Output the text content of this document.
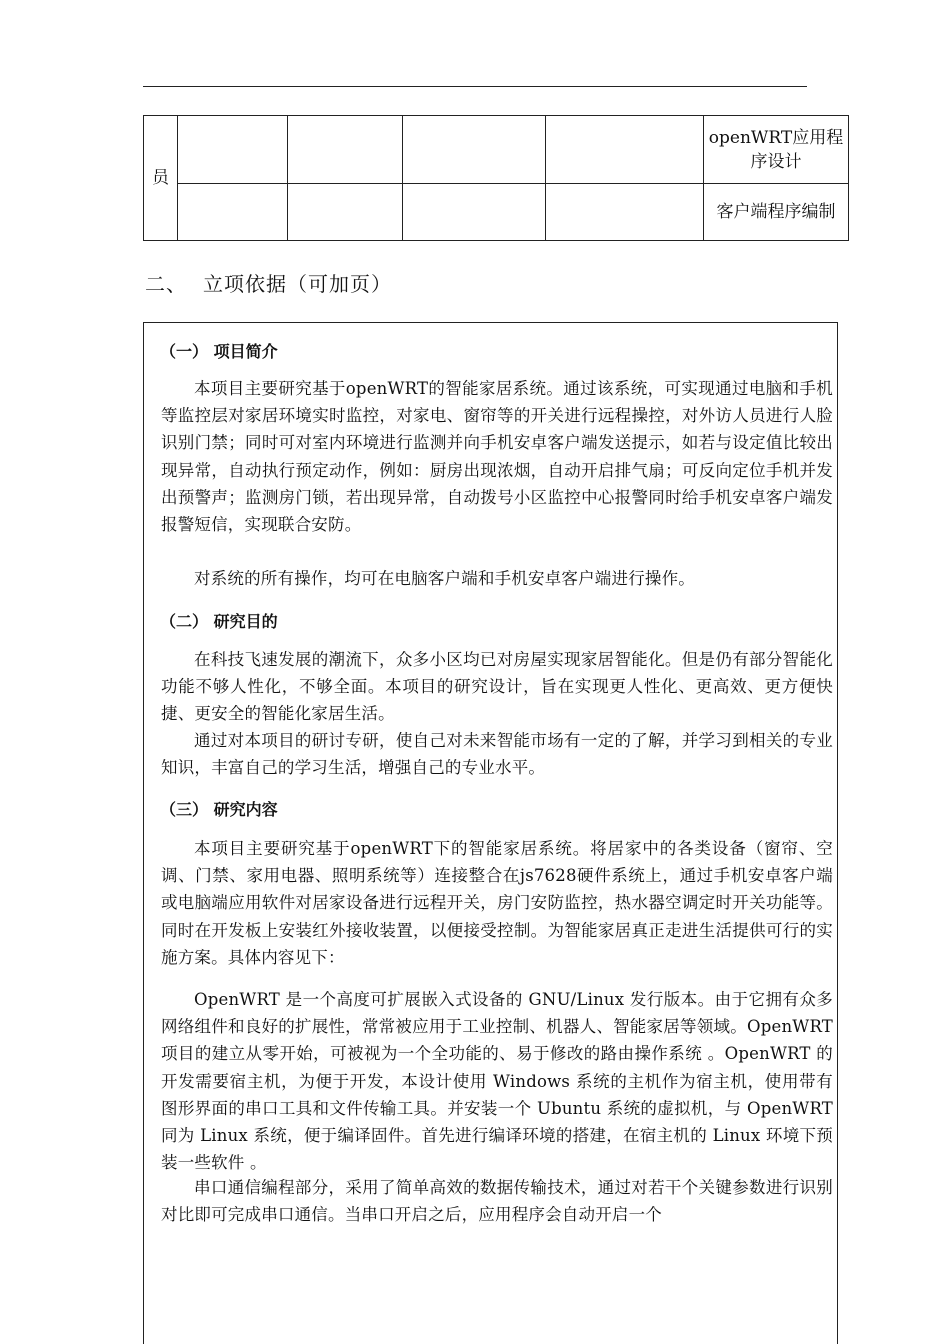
员					openWRT应用程序设计
					客户端程序编制
二、 立项依据（可加页）
（一） 项目简介
本项目主要研究基于openWRT的智能家居系统。通过该系统，可实现通过电脑和手机等监控层对家居环境实时监控，对家电、窗帘等的开关进行远程操控，对外访人员进行人脸识别门禁；同时可对室内环境进行监测并向手机安卓客户端发送提示，如若与设定值比较出现异常，自动执行预定动作，例如：厨房出现浓烟，自动开启排气扇；可反向定位手机并发出预警声；监测房门锁，若出现异常，自动拨号小区监控中心报警同时给手机安卓客户端发报警短信，实现联合安防。
对系统的所有操作，均可在电脑客户端和手机安卓客户端进行操作。
（二） 研究目的
在科技飞速发展的潮流下，众多小区均已对房屋实现家居智能化。但是仍有部分智能化功能不够人性化，不够全面。本项目的研究设计，旨在实现更人性化、更高效、更方便快捷、更安全的智能化家居生活。
通过对本项目的研讨专研，使自己对未来智能市场有一定的了解，并学习到相关的专业知识，丰富自己的学习生活，增强自己的专业水平。
（三） 研究内容
本项目主要研究基于openWRT下的智能家居系统。将居家中的各类设备（窗帘、空调、门禁、家用电器、照明系统等）连接整合在js7628硬件系统上，通过手机安卓客户端或电脑端应用软件对居家设备进行远程开关，房门安防监控，热水器空调定时开关功能等。同时在开发板上安装红外接收装置，以便接受控制。为智能家居真正走进生活提供可行的实施方案。具体内容见下：
OpenWRT 是一个高度可扩展嵌入式设备的 GNU/Linux 发行版本。由于它拥有众多网络组件和良好的扩展性，常常被应用于工业控制、机器人、智能家居等领域。OpenWRT 项目的建立从零开始，可被视为一个全功能的、易于修改的路由操作系统 。OpenWRT 的开发需要宿主机，为便于开发，本设计使用 Windows 系统的主机作为宿主机，使用带有图形界面的串口工具和文件传输工具。并安装一个 Ubuntu 系统的虚拟机，与 OpenWRT 同为 Linux 系统，便于编译固件。首先进行编译环境的搭建，在宿主机的 Linux 环境下预装一些软件 。
串口通信编程部分，采用了简单高效的数据传输技术，通过对若干个关键参数进行识别对比即可完成串口通信。当串口开启之后，应用程序会自动开启一个
